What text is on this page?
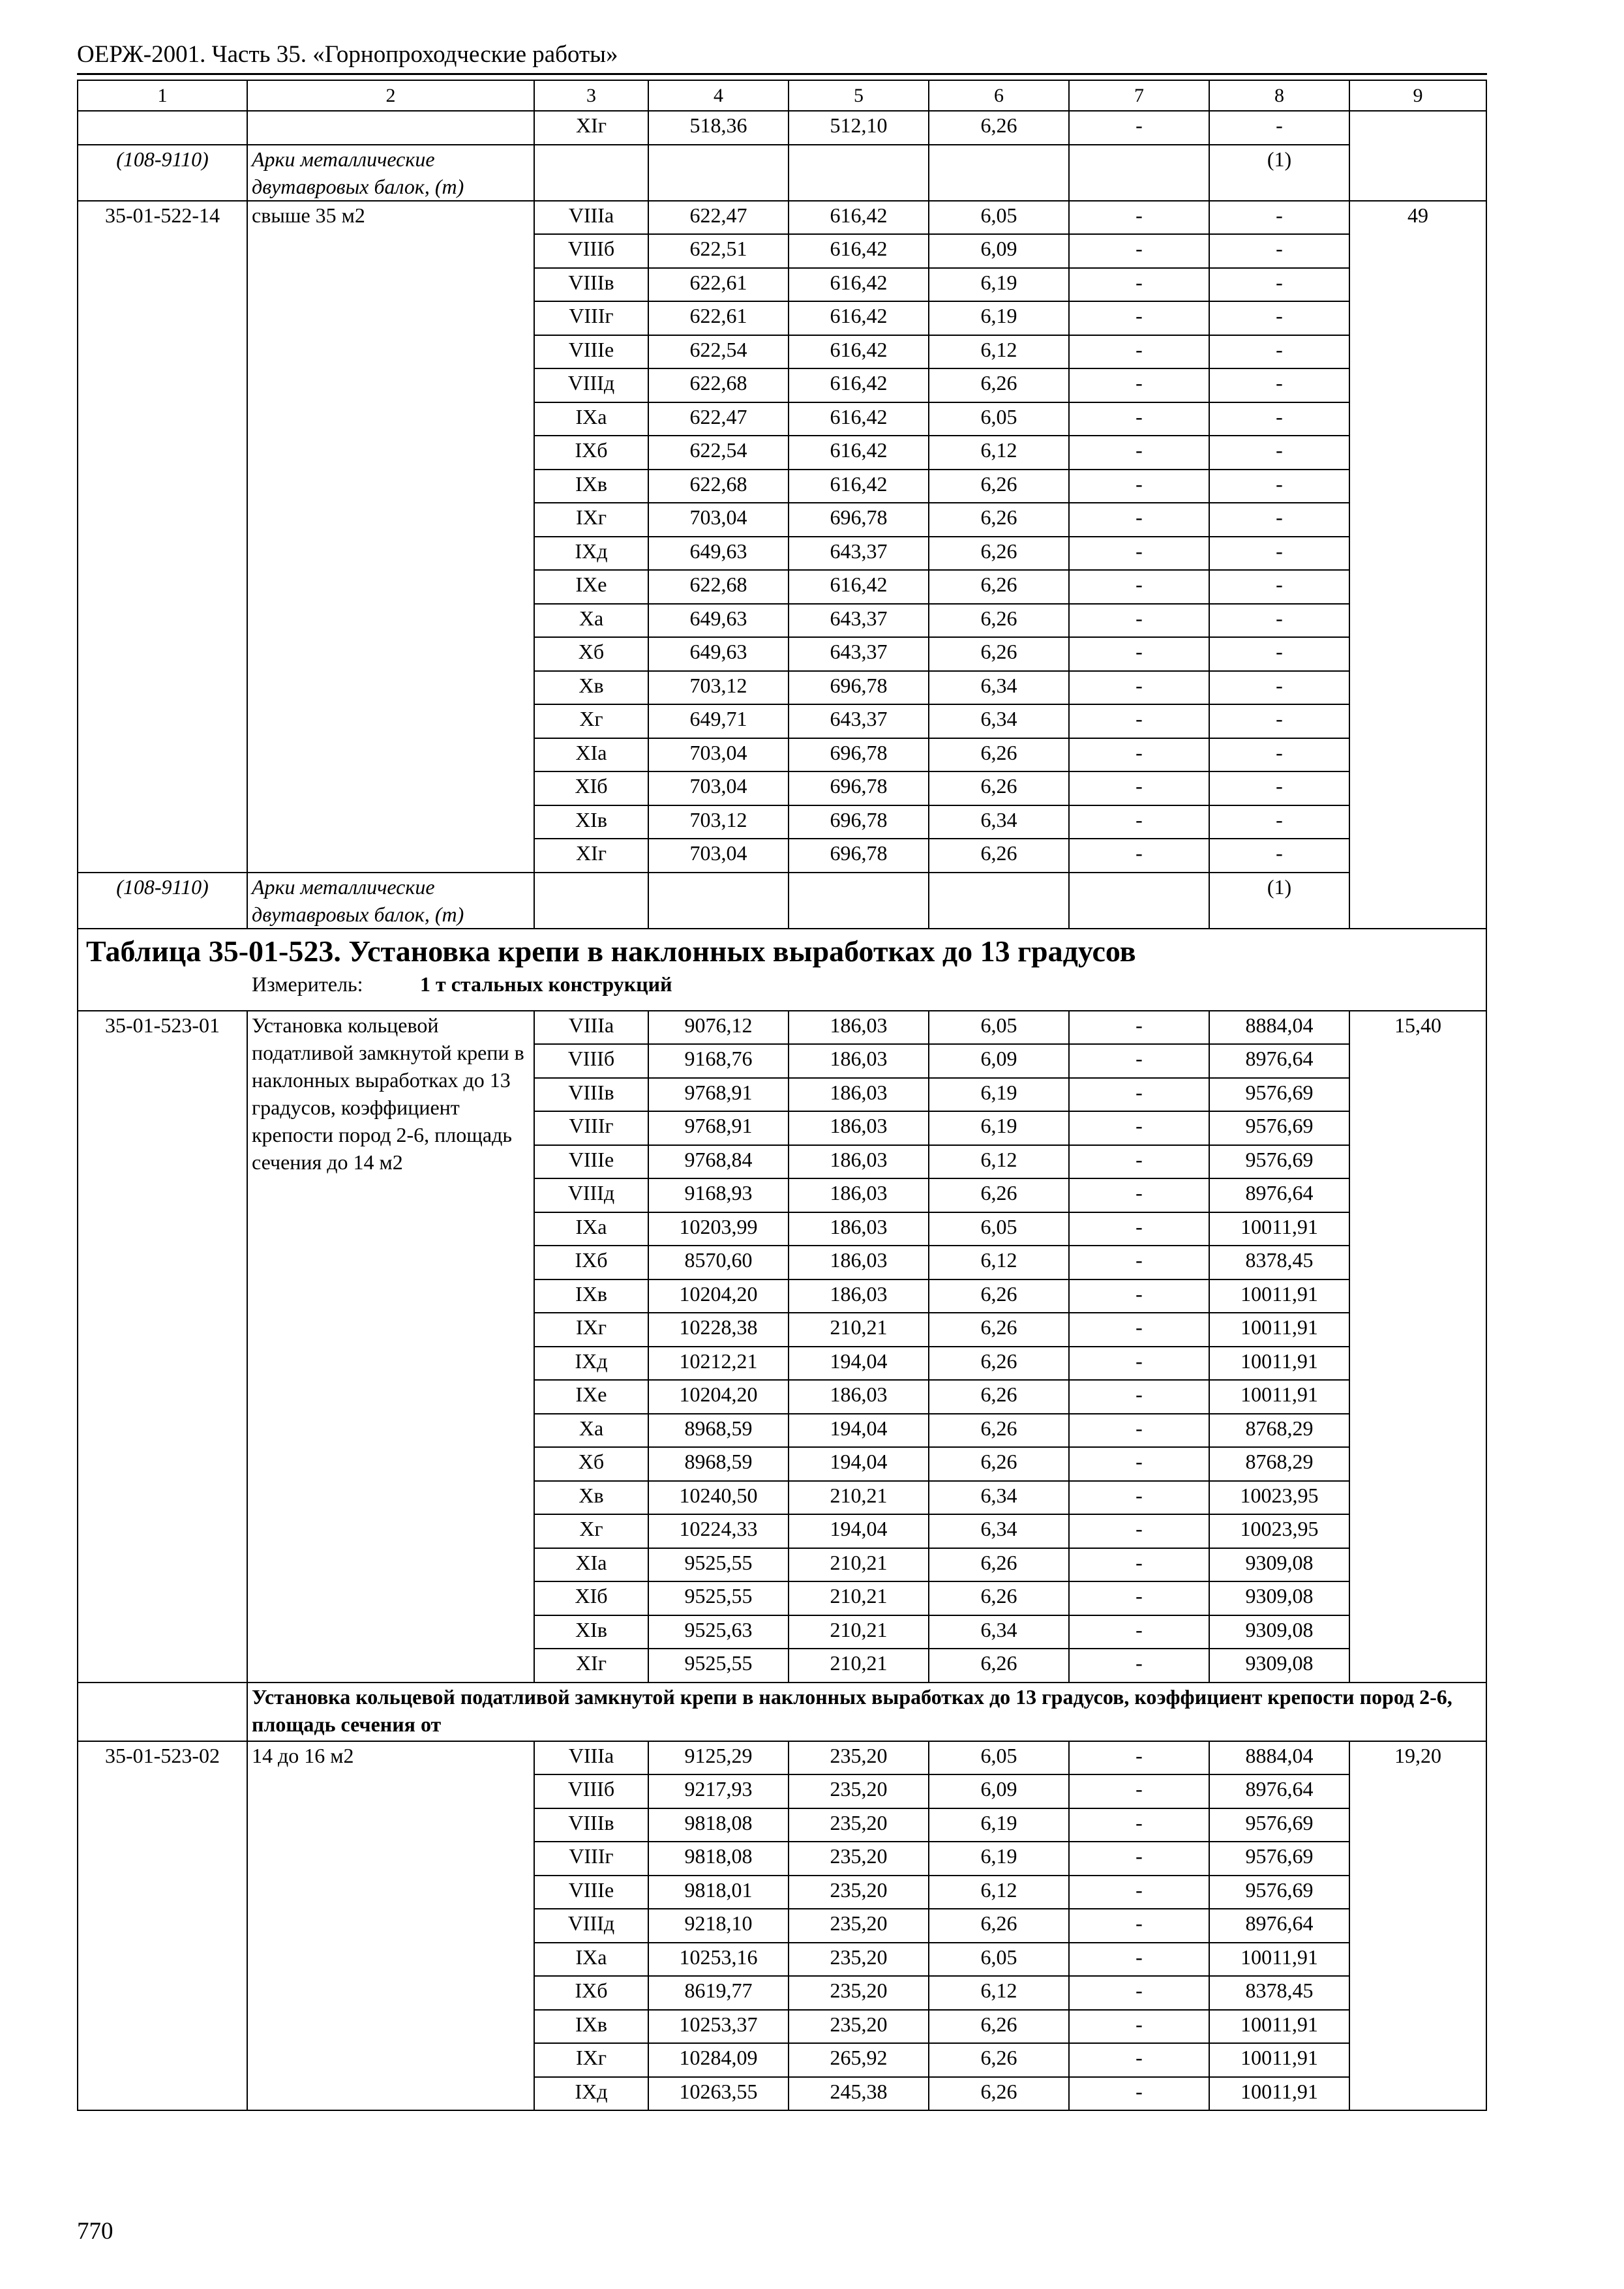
ОЕРЖ-2001. Часть 35. «Горнопроходческие работы»
1	2	3	4	5	6	7	8	9
		XIг	518,36	512,10	6,26	-	-	
(108-9110)	Арки металлические двутавровых балок, (т)						(1)	
35-01-522-14	свыше 35 м2	VIIIа	622,47	616,42	6,05	-	-	49
		VIIIб	622,51	616,42	6,09	-	-	
		VIIIв	622,61	616,42	6,19	-	-	
		VIIIг	622,61	616,42	6,19	-	-	
		VIIIе	622,54	616,42	6,12	-	-	
		VIIIд	622,68	616,42	6,26	-	-	
		IXа	622,47	616,42	6,05	-	-	
		IXб	622,54	616,42	6,12	-	-	
		IXв	622,68	616,42	6,26	-	-	
		IXг	703,04	696,78	6,26	-	-	
		IXд	649,63	643,37	6,26	-	-	
		IXе	622,68	616,42	6,26	-	-	
		Xа	649,63	643,37	6,26	-	-	
		Xб	649,63	643,37	6,26	-	-	
		Xв	703,12	696,78	6,34	-	-	
		Xг	649,71	643,37	6,34	-	-	
		XIа	703,04	696,78	6,26	-	-	
		XIб	703,04	696,78	6,26	-	-	
		XIв	703,12	696,78	6,34	-	-	
		XIг	703,04	696,78	6,26	-	-	
(108-9110)	Арки металлические двутавровых балок, (т)						(1)	

Таблица 35-01-523. Установка крепи в наклонных выработках до 13 градусов
Измеритель: 1 т стальных конструкций								

35-01-523-01	Установка кольцевой податливой замкнутой крепи в наклонных выработках до 13 градусов, коэффициент крепости пород 2-6, площадь сечения до 14 м2	VIIIа	9076,12	186,03	6,05	-	8884,04	15,40
		VIIIб	9168,76	186,03	6,09	-	8976,64	
		VIIIв	9768,91	186,03	6,19	-	9576,69	
		VIIIг	9768,91	186,03	6,19	-	9576,69	
		VIIIе	9768,84	186,03	6,12	-	9576,69	
		VIIIд	9168,93	186,03	6,26	-	8976,64	
		IXа	10203,99	186,03	6,05	-	10011,91	
		IXб	8570,60	186,03	6,12	-	8378,45	
		IXв	10204,20	186,03	6,26	-	10011,91	
		IXг	10228,38	210,21	6,26	-	10011,91	
		IXд	10212,21	194,04	6,26	-	10011,91	
		IXе	10204,20	186,03	6,26	-	10011,91	
		Xа	8968,59	194,04	6,26	-	8768,29	
		Xб	8968,59	194,04	6,26	-	8768,29	
		Xв	10240,50	210,21	6,34	-	10023,95	
		Xг	10224,33	194,04	6,34	-	10023,95	
		XIа	9525,55	210,21	6,26	-	9309,08	
		XIб	9525,55	210,21	6,26	-	9309,08	
		XIв	9525,63	210,21	6,34	-	9309,08	
		XIг	9525,55	210,21	6,26	-	9309,08	
	Установка кольцевой податливой замкнутой крепи в наклонных выработках до 13 градусов, коэффициент крепости пород 2-6, площадь сечения от							
35-01-523-02	14 до 16 м2	VIIIа	9125,29	235,20	6,05	-	8884,04	19,20
		VIIIб	9217,93	235,20	6,09	-	8976,64	
		VIIIв	9818,08	235,20	6,19	-	9576,69	
		VIIIг	9818,08	235,20	6,19	-	9576,69	
		VIIIе	9818,01	235,20	6,12	-	9576,69	
		VIIIд	9218,10	235,20	6,26	-	8976,64	
		IXа	10253,16	235,20	6,05	-	10011,91	
		IXб	8619,77	235,20	6,12	-	8378,45	
		IXв	10253,37	235,20	6,26	-	10011,91	
		IXг	10284,09	265,92	6,26	-	10011,91	
		IXд	10263,55	245,38	6,26	-	10011,91	
770
